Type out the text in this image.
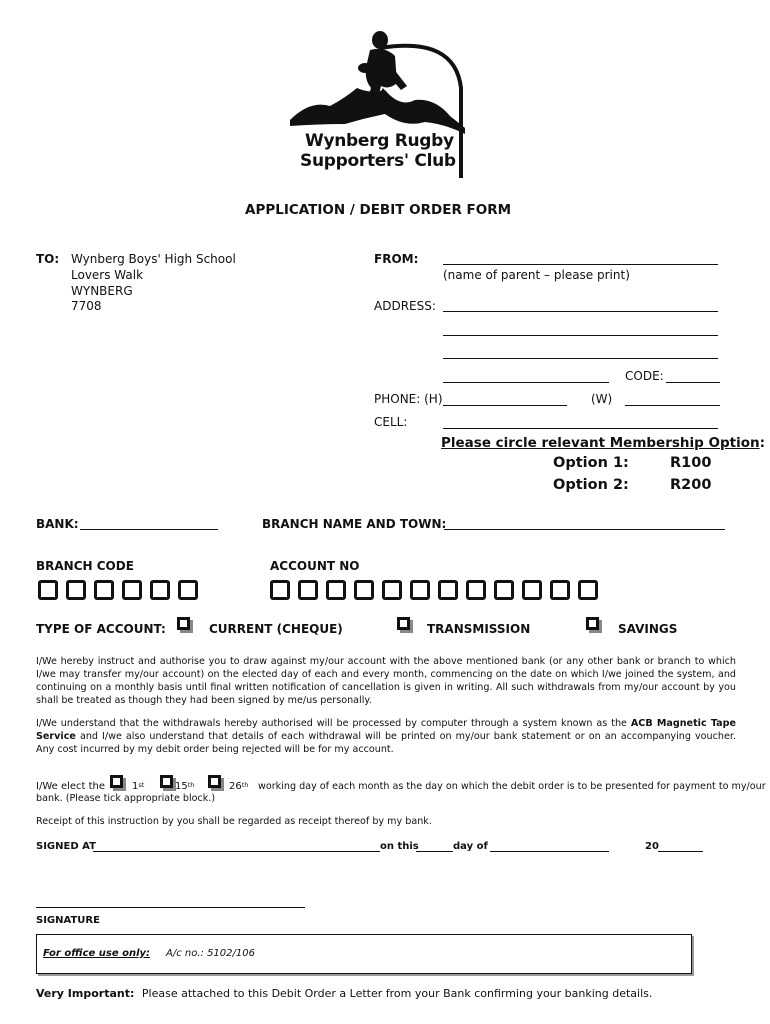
Wynberg Rugby
Supporters' Club
APPLICATION / DEBIT ORDER FORM
TO: Wynberg Boys' High School
Lovers Walk
WYNBERG
7708
FROM:
(name of parent – please print)
ADDRESS:
CODE:
PHONE: (H)	(W)
CELL:
Please circle relevant Membership Option:
Option 1:	R100
Option 2:	R200
BANK:	BRANCH NAME AND TOWN:
BRANCH CODE	ACCOUNT NO
TYPE OF ACCOUNT:	CURRENT (CHEQUE)	TRANSMISSION	SAVINGS
I/We hereby instruct and authorise you to draw against my/our account with the above mentioned bank (or any other bank or branch to which I/we may transfer my/our account) on the elected day of each and every month, commencing on the date on which I/we joined the system, and continuing on a monthly basis until final written notification of cancellation is given in writing. All such withdrawals from my/our account by you shall be treated as though they had been signed by me/us personally.
I/We understand that the withdrawals hereby authorised will be processed by computer through a system known as the ACB Magnetic Tape Service and I/we also understand that details of each withdrawal will be printed on my/our bank statement or on an accompanying voucher. Any cost incurred by my debit order being rejected will be for my account.
I/We elect the	1st	15th	26th working day of each month as the day on which the debit order is to be presented for payment to my/our
bank. (Please tick appropriate block.)
Receipt of this instruction by you shall be regarded as receipt thereof by my bank.
SIGNED AT	on this	day of	20
SIGNATURE
For office use only: A/c no.: 5102/106
Very Important: Please attached to this Debit Order a Letter from your Bank confirming your banking details.
